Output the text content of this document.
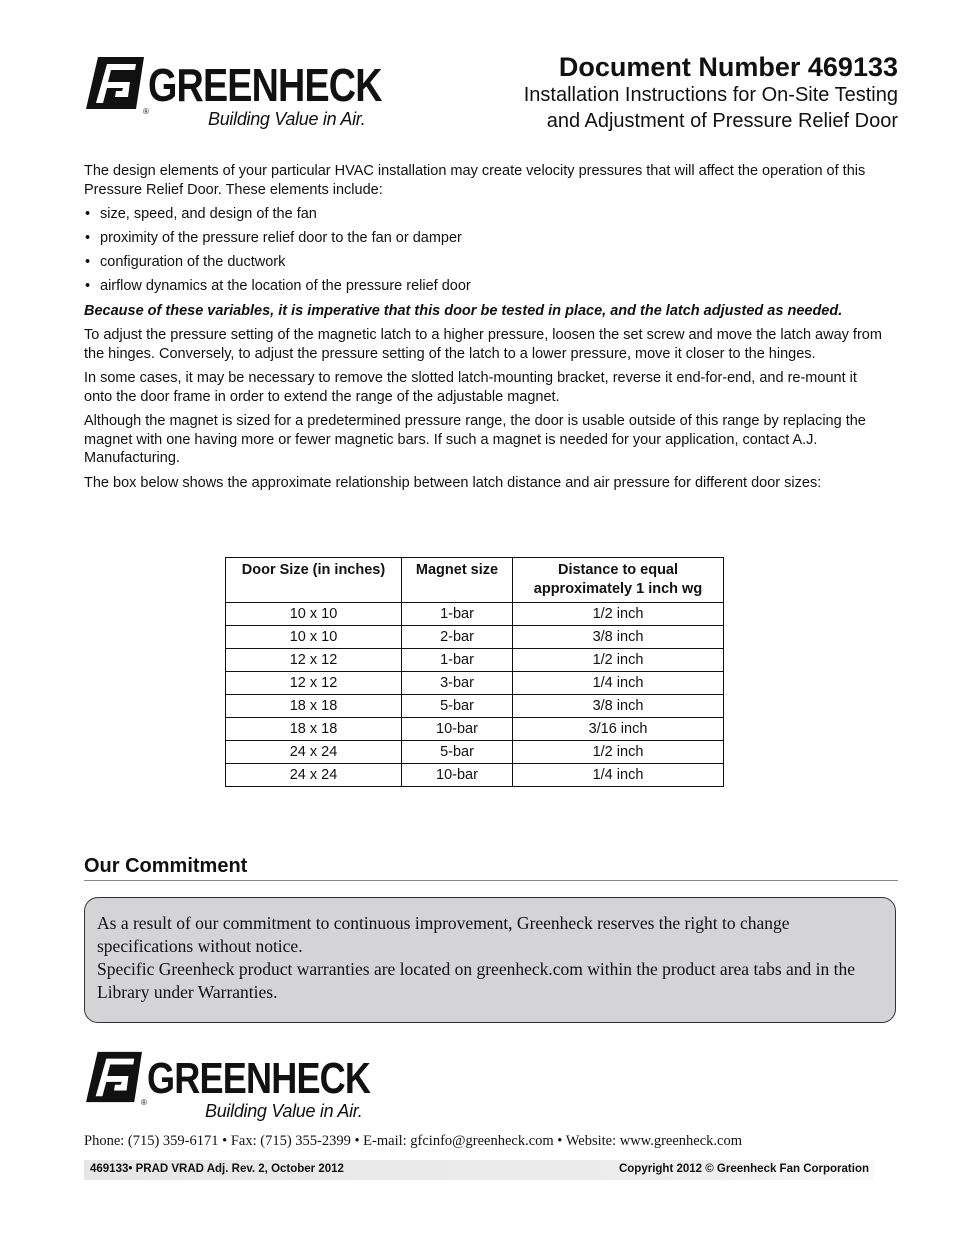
GREENHECK
®	Building Value in Air.
Document Number 469133
Installation Instructions for On-Site Testing
and Adjustment of Pressure Relief Door

The design elements of your particular HVAC installation may create velocity pressures that will affect the operation of this Pressure Relief Door. These elements include:

• size, speed, and design of the fan
• proximity of the pressure relief door to the fan or damper
• configuration of the ductwork
• airflow dynamics at the location of the pressure relief door

Because of these variables, it is imperative that this door be tested in place, and the latch adjusted as needed.

To adjust the pressure setting of the magnetic latch to a higher pressure, loosen the set screw and move the latch away from the hinges. Conversely, to adjust the pressure setting of the latch to a lower pressure, move it closer to the hinges.

In some cases, it may be necessary to remove the slotted latch-mounting bracket, reverse it end-for-end, and re-mount it onto the door frame in order to extend the range of the adjustable magnet.

Although the magnet is sized for a predetermined pressure range, the door is usable outside of this range by replacing the magnet with one having more or fewer magnetic bars. If such a magnet is needed for your application, contact A.J. Manufacturing.

The box below shows the approximate relationship between latch distance and air pressure for different door sizes:

Door Size (in inches)	Magnet size	Distance to equal
approximately 1 inch wg

10 x 10	1-bar	1/2 inch
10 x 10	2-bar	3/8 inch
12 x 12	1-bar	1/2 inch
12 x 12	3-bar	1/4 inch
18 x 18	5-bar	3/8 inch
18 x 18	10-bar	3/16 inch
24 x 24	5-bar	1/2 inch
24 x 24	10-bar	1/4 inch
Our Commitment

As a result of our commitment to continuous improvement, Greenheck reserves the right to change specifications without notice.

Specific Greenheck product warranties are located on greenheck.com within the product area tabs and in the Library under Warranties.

GREENHECK
®	Building Value in Air.
Phone: (715) 359-6171 • Fax: (715) 355-2399 • E-mail: gfcinfo@greenheck.com • Website: www.greenheck.com
469133• PRAD VRAD Adj. Rev. 2, October 2012	Copyright 2012 © Greenheck Fan Corporation
